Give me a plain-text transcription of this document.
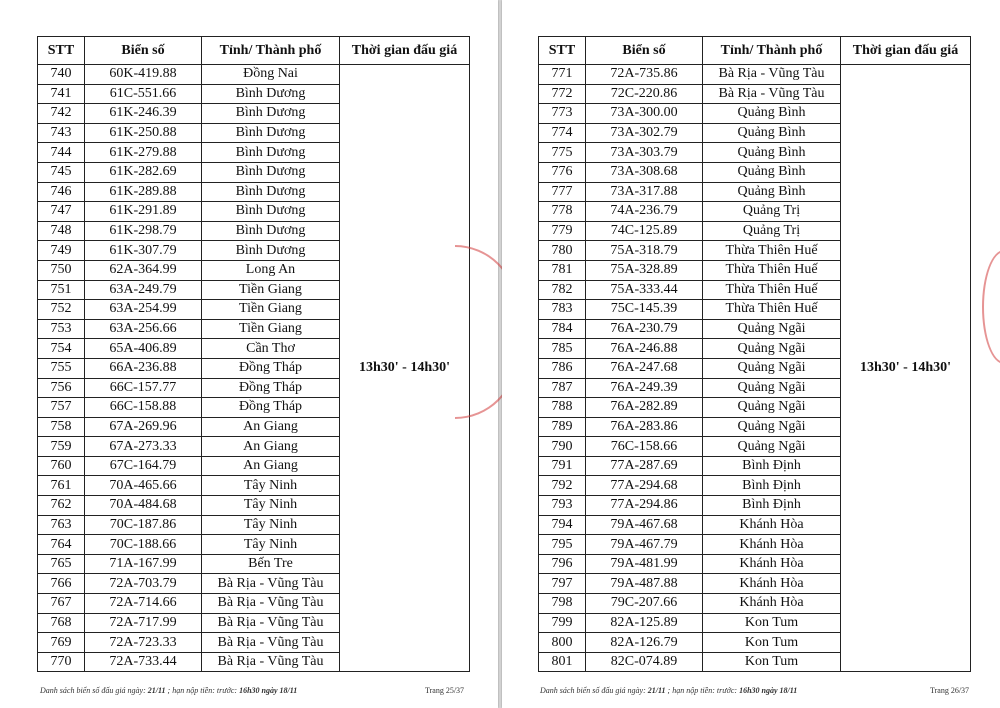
STT	Biển số	Tỉnh/ Thành phố	Thời gian đấu giá
740	60K-419.88	Đồng Nai	13h30' - 14h30'
741	61C-551.66	Bình Dương	
742	61K-246.39	Bình Dương	
743	61K-250.88	Bình Dương	
744	61K-279.88	Bình Dương	
745	61K-282.69	Bình Dương	
746	61K-289.88	Bình Dương	
747	61K-291.89	Bình Dương	
748	61K-298.79	Bình Dương	
749	61K-307.79	Bình Dương	
750	62A-364.99	Long An	
751	63A-249.79	Tiền Giang	
752	63A-254.99	Tiền Giang	
753	63A-256.66	Tiền Giang	
754	65A-406.89	Cần Thơ	
755	66A-236.88	Đồng Tháp	
756	66C-157.77	Đồng Tháp	
757	66C-158.88	Đồng Tháp	
758	67A-269.96	An Giang	
759	67A-273.33	An Giang	
760	67C-164.79	An Giang	
761	70A-465.66	Tây Ninh	
762	70A-484.68	Tây Ninh	
763	70C-187.86	Tây Ninh	
764	70C-188.66	Tây Ninh	
765	71A-167.99	Bến Tre	
766	72A-703.79	Bà Rịa - Vũng Tàu	
767	72A-714.66	Bà Rịa - Vũng Tàu	
768	72A-717.99	Bà Rịa - Vũng Tàu	
769	72A-723.33	Bà Rịa - Vũng Tàu	
770	72A-733.44	Bà Rịa - Vũng Tàu	
Danh sách biển số đấu giá ngày: 21/11 ; hạn nộp tiền: trước: 16h30 ngày 18/11	Trang 25/37
STT	Biển số	Tỉnh/ Thành phố	Thời gian đấu giá
771	72A-735.86	Bà Rịa - Vũng Tàu	13h30' - 14h30'
772	72C-220.86	Bà Rịa - Vũng Tàu	
773	73A-300.00	Quảng Bình	
774	73A-302.79	Quảng Bình	
775	73A-303.79	Quảng Bình	
776	73A-308.68	Quảng Bình	
777	73A-317.88	Quảng Bình	
778	74A-236.79	Quảng Trị	
779	74C-125.89	Quảng Trị	
780	75A-318.79	Thừa Thiên Huế	
781	75A-328.89	Thừa Thiên Huế	
782	75A-333.44	Thừa Thiên Huế	
783	75C-145.39	Thừa Thiên Huế	
784	76A-230.79	Quảng Ngãi	
785	76A-246.88	Quảng Ngãi	
786	76A-247.68	Quảng Ngãi	
787	76A-249.39	Quảng Ngãi	
788	76A-282.89	Quảng Ngãi	
789	76A-283.86	Quảng Ngãi	
790	76C-158.66	Quảng Ngãi	
791	77A-287.69	Bình Định	
792	77A-294.68	Bình Định	
793	77A-294.86	Bình Định	
794	79A-467.68	Khánh Hòa	
795	79A-467.79	Khánh Hòa	
796	79A-481.99	Khánh Hòa	
797	79A-487.88	Khánh Hòa	
798	79C-207.66	Khánh Hòa	
799	82A-125.89	Kon Tum	
800	82A-126.79	Kon Tum	
801	82C-074.89	Kon Tum	
Danh sách biển số đấu giá ngày: 21/11 ; hạn nộp tiền: trước: 16h30 ngày 18/11	Trang 26/37
